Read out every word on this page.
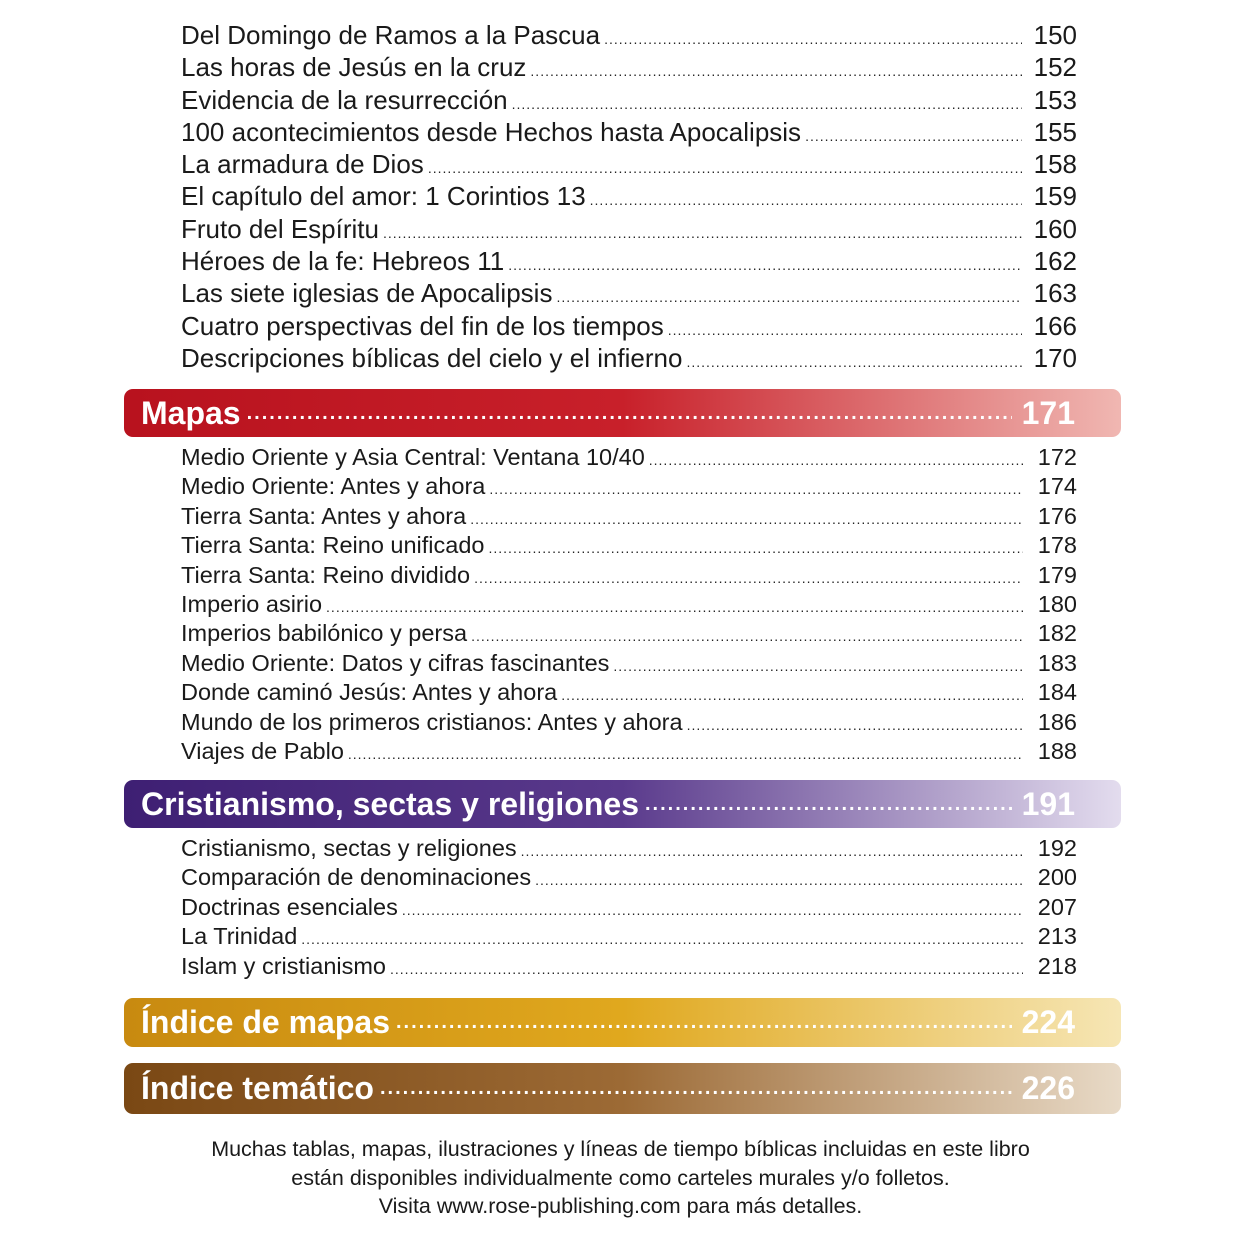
Del Domingo de Ramos a la Pascua .....	150
Las horas de Jesús en la cruz .....	152
Evidencia de la resurrección .....	153
100 acontecimientos desde Hechos hasta Apocalipsis .....	155
La armadura de Dios .....	158
El capítulo del amor: 1 Corintios 13 .....	159
Fruto del Espíritu .....	160
Héroes de la fe: Hebreos 11 .....	162
Las siete iglesias de Apocalipsis .....	163
Cuatro perspectivas del fin de los tiempos .....	166
Descripciones bíblicas del cielo y el infierno .....	170
Mapas .....	171
Medio Oriente y Asia Central: Ventana 10/40 .....	172
Medio Oriente: Antes y ahora .....	174
Tierra Santa: Antes y ahora .....	176
Tierra Santa: Reino unificado .....	178
Tierra Santa: Reino dividido .....	179
Imperio asirio .....	180
Imperios babilónico y persa .....	182
Medio Oriente: Datos y cifras fascinantes .....	183
Donde caminó Jesús: Antes y ahora .....	184
Mundo de los primeros cristianos: Antes y ahora .....	186
Viajes de Pablo .....	188
Cristianismo, sectas y religiones .....	191
Cristianismo, sectas y religiones .....	192
Comparación de denominaciones .....	200
Doctrinas esenciales .....	207
La Trinidad .....	213
Islam y cristianismo .....	218
Índice de mapas .....	224
Índice temático .....	226
Muchas tablas, mapas, ilustraciones y líneas de tiempo bíblicas incluidas en este libro
están disponibles individualmente como carteles murales y/o folletos.
Visita www.rose-publishing.com para más detalles.
